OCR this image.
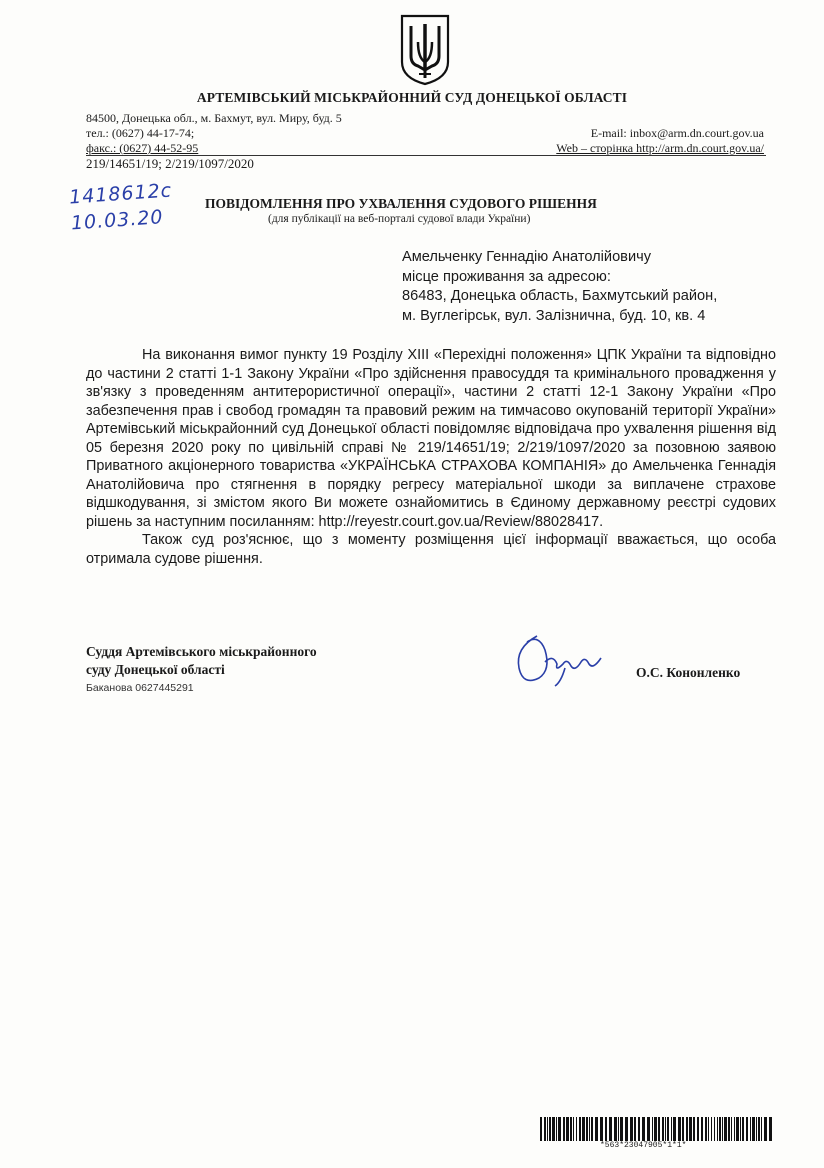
АРТЕМІВСЬКИЙ МІСЬКРАЙОННИЙ СУД ДОНЕЦЬКОЇ ОБЛАСТІ
84500, Донецька обл., м. Бахмут, вул. Миру, буд. 5
тел.: (0627) 44-17-74;	E-mail: inbox@arm.dn.court.gov.ua
факс.: (0627) 44-52-95	Web – сторінка http://arm.dn.court.gov.ua/
219/14651/19; 2/219/1097/2020
1418612с
10.03.20
ПОВІДОМЛЕННЯ ПРО УХВАЛЕННЯ СУДОВОГО РІШЕННЯ
(для публікації на веб-порталі судової влади України)
Амельченку Геннадію Анатолійовичу
місце проживання за адресою:
86483, Донецька область, Бахмутський район,
м. Вуглегірськ, вул. Залізнична, буд. 10, кв. 4

На виконання вимог пункту 19 Розділу XIII «Перехідні положення» ЦПК України та відповідно до частини 2 статті 1-1 Закону України «Про здійснення правосуддя та кримінального провадження у зв'язку з проведенням антитерористичної операції», частини 2 статті 12-1 Закону України «Про забезпечення прав і свобод громадян та правовий режим на тимчасово окупованій території України» Артемівський міськрайонний суд Донецької області повідомляє відповідача про ухвалення рішення від 05 березня 2020 року по цивільній справі № 219/14651/19; 2/219/1097/2020 за позовною заявою Приватного акціонерного товариства «УКРАЇНСЬКА СТРАХОВА КОМПАНІЯ» до Амельченка Геннадія Анатолійовича про стягнення в порядку регресу матеріальної шкоди за виплачене страхове відшкодування, зі змістом якого Ви можете ознайомитись в Єдиному державному реєстрі судових рішень за наступним посиланням: http://reyestr.court.gov.ua/Review/88028417.

Також суд роз'яснює, що з моменту розміщення цієї інформації вважається, що особа отримала судове рішення.

Суддя Артемівського міськрайонного
суду Донецької області
Баканова 0627445291
О.С. Кононленко
*563*23047905*1*1*
